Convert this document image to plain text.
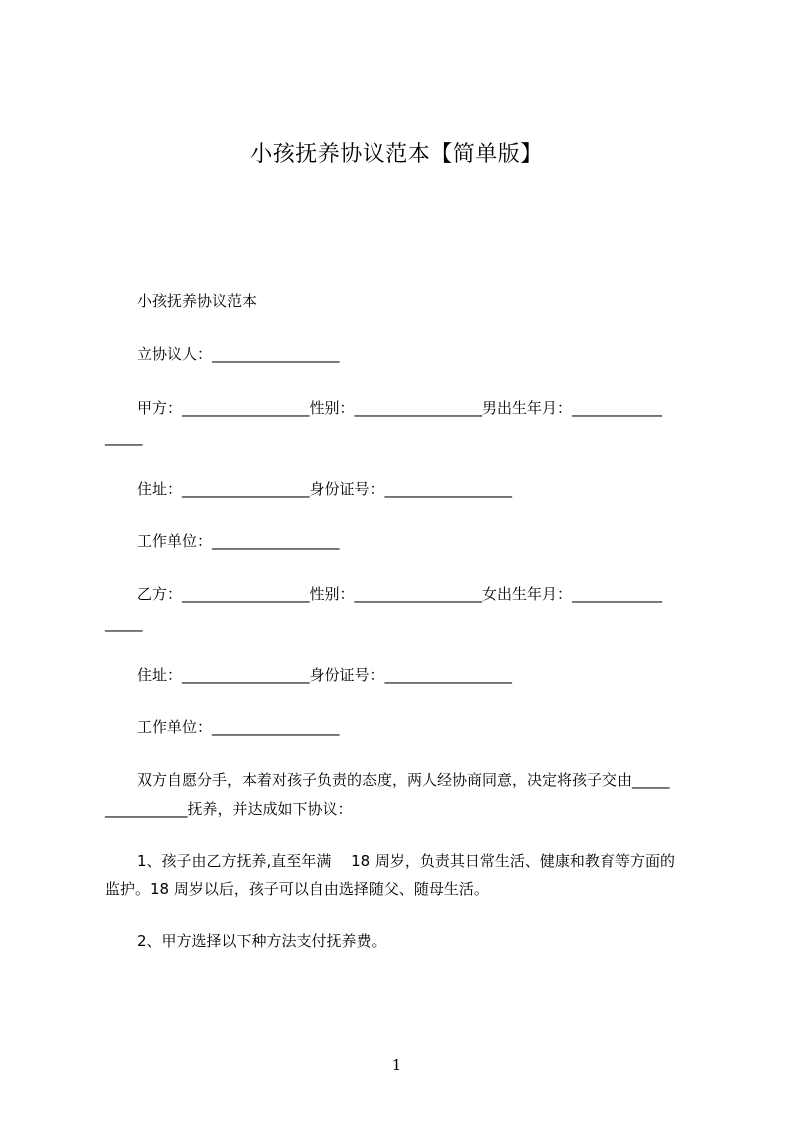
小孩抚养协议范本【简单版】
小孩抚养协议范本
立协议人：_________________
甲方：_________________性别：_________________男出生年月：____________
_____
住址：_________________身份证号：_________________
工作单位：_________________
乙方：_________________性别：_________________女出生年月：____________
_____
住址：_________________身份证号：_________________
工作单位：_________________
双方自愿分手，本着对孩子负责的态度，两人经协商同意，决定将孩子交由_____
___________抚养，并达成如下协议：
1、孩子由乙方抚养,直至年满　 18 周岁，负责其日常生活、健康和教育等方面的
监护。18 周岁以后，孩子可以自由选择随父、随母生活。
2、甲方选择以下种方法支付抚养费。
1
